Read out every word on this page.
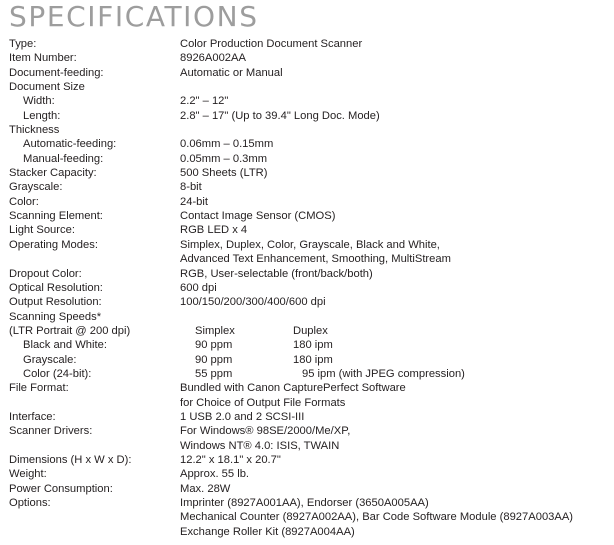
SPECIFICATIONS
Type:	Color Production Document Scanner
Item Number:	8926A002AA
Document-feeding:	Automatic or Manual
Document Size
Width:	2.2" – 12"
Length:	2.8" – 17" (Up to 39.4" Long Doc. Mode)
Thickness
Automatic-feeding:	0.06mm – 0.15mm
Manual-feeding:	0.05mm – 0.3mm
Stacker Capacity:	500 Sheets (LTR)
Grayscale:	8-bit
Color:	24-bit
Scanning Element:	Contact Image Sensor (CMOS)
Light Source:	RGB LED x 4
Operating Modes:	Simplex, Duplex, Color, Grayscale, Black and White,
Advanced Text Enhancement, Smoothing, MultiStream
Dropout Color:	RGB, User-selectable (front/back/both)
Optical Resolution:	600 dpi
Output Resolution:	100/150/200/300/400/600 dpi
Scanning Speeds*
(LTR Portrait @ 200 dpi)	Simplex	Duplex
Black and White:	90 ppm	180 ipm
Grayscale:	90 ppm	180 ipm
Color (24-bit):	55 ppm	95 ipm (with JPEG compression)
File Format:	Bundled with Canon CapturePerfect Software
for Choice of Output File Formats
Interface:	1 USB 2.0 and 2 SCSI-III
Scanner Drivers:	For Windows® 98SE/2000/Me/XP,
Windows NT® 4.0: ISIS, TWAIN
Dimensions (H x W x D):	12.2" x 18.1" x 20.7"
Weight:	Approx. 55 lb.
Power Consumption:	Max. 28W
Options:	Imprinter (8927A001AA), Endorser (3650A005AA)
Mechanical Counter (8927A002AA), Bar Code Software Module (8927A003AA)
Exchange Roller Kit (8927A004AA)
